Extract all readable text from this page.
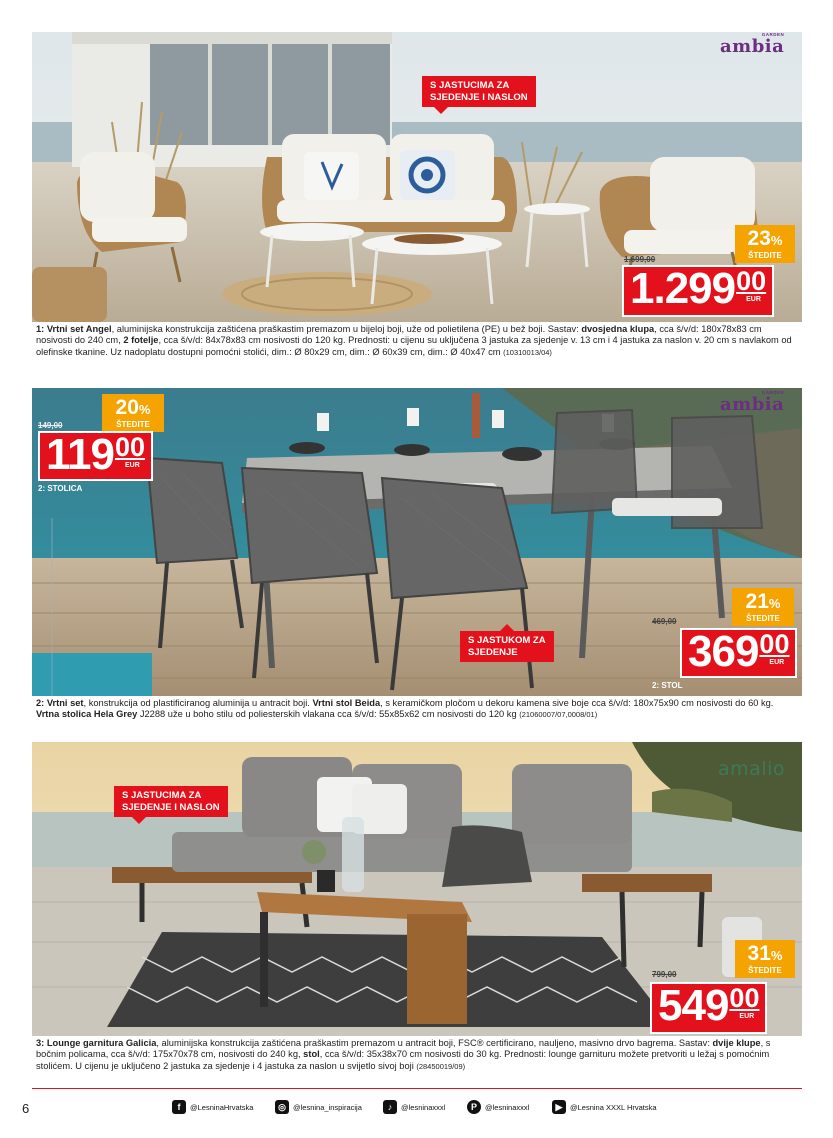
ambia
GARDEN
S JASTUCIMA ZA
SJEDENJE I NASLON
23%
ŠTEDITE
1.699,00
1.299 00
EUR
1: Vrtni set Angel, aluminijska konstrukcija zaštićena praškastim premazom u bijeloj boji, uže od polietilena (PE) u bež boji. Sastav: dvosjedna klupa, cca š/v/d: 180x78x83 cm nosivosti do 240 cm, 2 fotelje, cca š/v/d: 84x78x83 cm nosivosti do 120 kg. Prednosti: u cijenu su uključena 3 jastuka za sjedenje v. 13 cm i 4 jastuka za naslon v. 20 cm s navlakom od olefinske tkanine. Uz nadoplatu dostupni pomoćni stolići, dim.: Ø 80x29 cm, dim.: Ø 60x39 cm, dim.: Ø 40x47 cm (10310013/04)
ambia
GARDEN
20%
ŠTEDITE
149,00
119 00
EUR
2: STOLICA
S JASTUKOM ZA
SJEDENJE
21%
ŠTEDITE
469,00
369 00
EUR
2: STOL
2: Vrtni set, konstrukcija od plastificiranog aluminija u antracit boji. Vrtni stol Beida, s keramičkom pločom u dekoru kamena sive boje cca š/v/d: 180x75x90 cm nosivosti do 60 kg. Vrtna stolica Hela Grey J2288 uže u boho stilu od poliesterskih vlakana cca š/v/d: 55x85x62 cm nosivosti do 120 kg (21060007/07,0008/01)
amalio
S JASTUCIMA ZA
SJEDENJE I NASLON
31%
ŠTEDITE
799,00
549 00
EUR
3: Lounge garnitura Galicia, aluminijska konstrukcija zaštićena praškastim premazom u antracit boji, FSC® certificirano, nauljeno, masivno drvo bagrema. Sastav: dvije klupe, s bočnim policama, cca š/v/d: 175x70x78 cm, nosivosti do 240 kg, stol, cca š/v/d: 35x38x70 cm nosivosti do 30 kg. Prednosti: lounge garnituru možete pretvoriti u ležaj s pomoćnim stolićem. U cijenu je uključeno 2 jastuka za sjedenje i 4 jastuka za naslon u svijetlo sivoj boji (28450019/09)
6	f	@LesninaHrvatska	◎ @lesnina_inspiracija	♪	@lesninaxxxl	P	@lesninaxxxl	▶	@Lesnina XXXL Hrvatska
